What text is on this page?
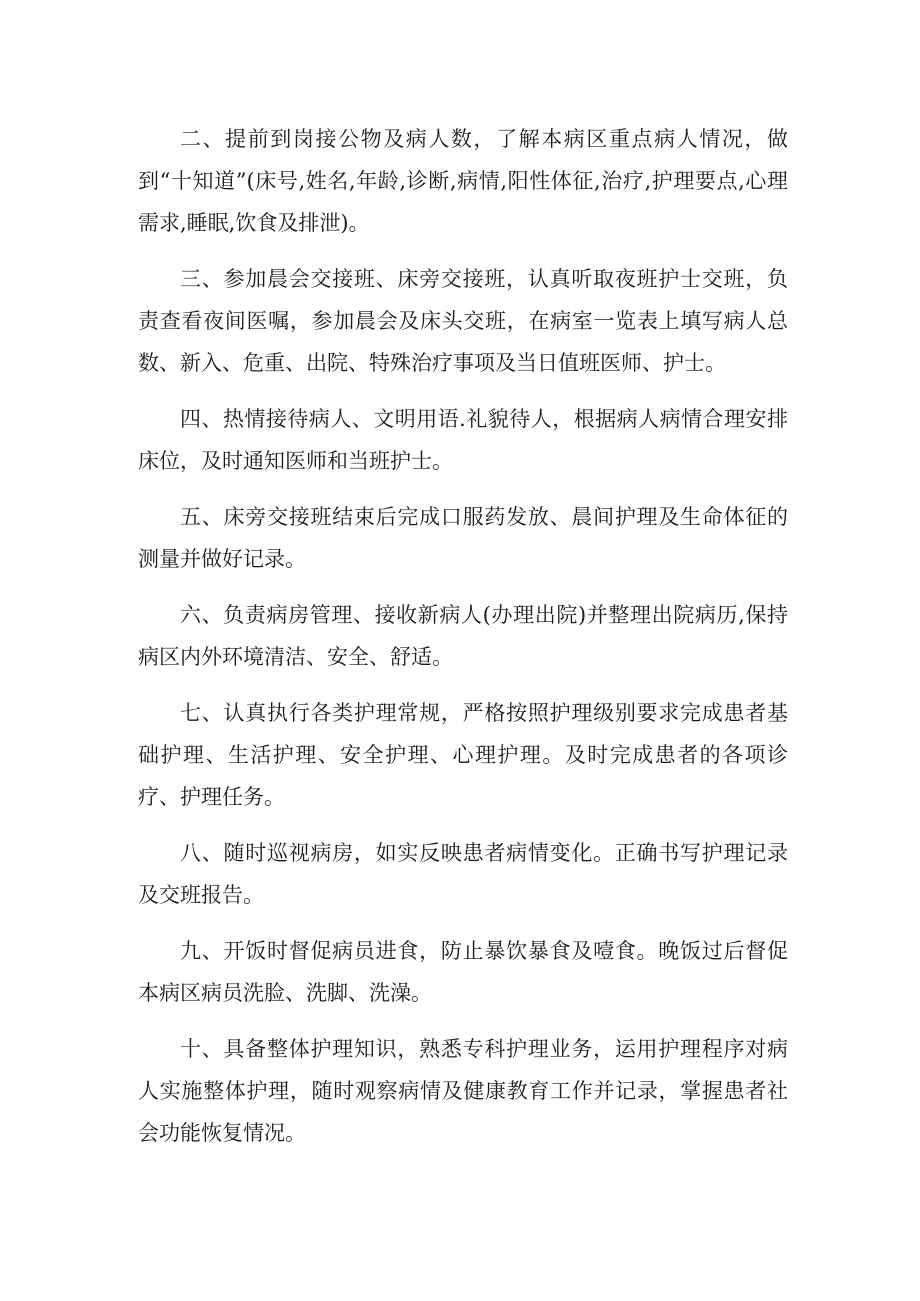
二、提前到岗接公物及病人数，了解本病区重点病人情况，做到“十知道”(床号,姓名,年龄,诊断,病情,阳性体征,治疗,护理要点,心理需求,睡眠,饮食及排泄)。

三、参加晨会交接班、床旁交接班，认真听取夜班护士交班，负责查看夜间医嘱，参加晨会及床头交班，在病室一览表上填写病人总数、新入、危重、出院、特殊治疗事项及当日值班医师、护士。

四、热情接待病人、文明用语.礼貌待人，根据病人病情合理安排床位，及时通知医师和当班护士。

五、床旁交接班结束后完成口服药发放、晨间护理及生命体征的测量并做好记录。

六、负责病房管理、接收新病人(办理出院)并整理出院病历,保持病区内外环境清洁、安全、舒适。

七、认真执行各类护理常规，严格按照护理级别要求完成患者基础护理、生活护理、安全护理、心理护理。及时完成患者的各项诊疗、护理任务。

八、随时巡视病房，如实反映患者病情变化。正确书写护理记录及交班报告。

九、开饭时督促病员进食，防止暴饮暴食及噎食。晚饭过后督促本病区病员洗脸、洗脚、洗澡。

十、具备整体护理知识，熟悉专科护理业务，运用护理程序对病人实施整体护理，随时观察病情及健康教育工作并记录，掌握患者社会功能恢复情况。
